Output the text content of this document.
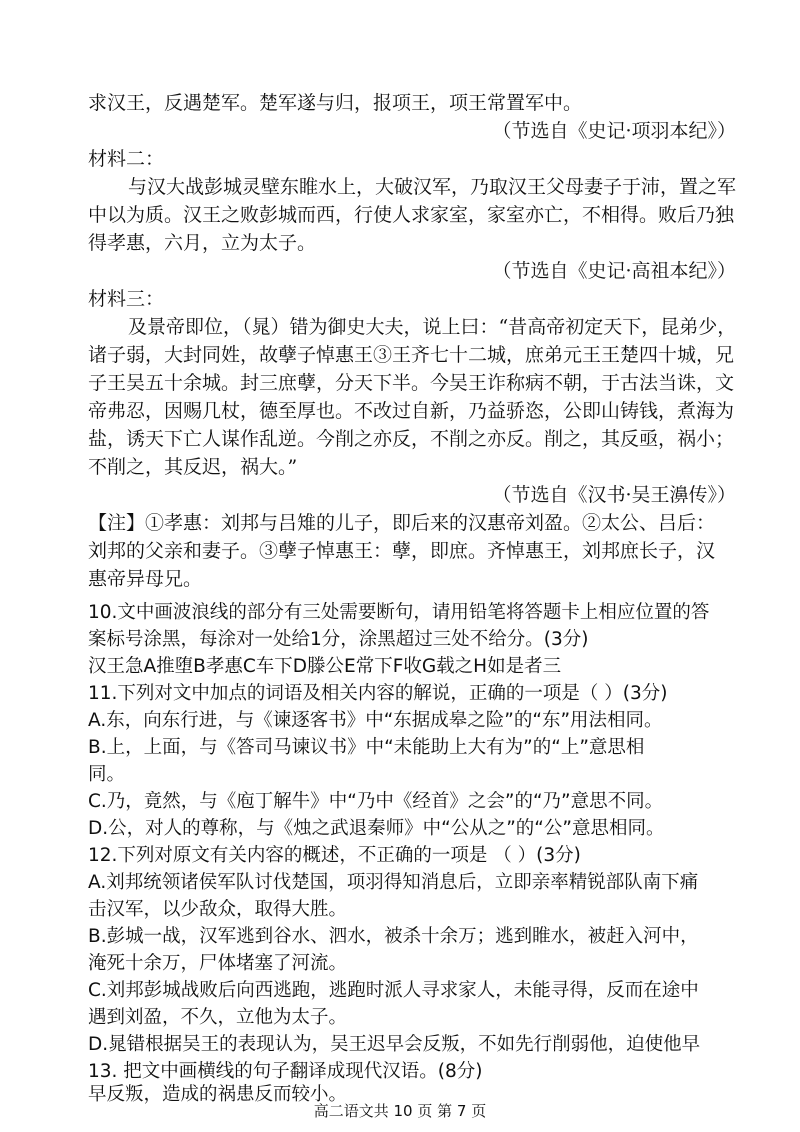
求汉王，反遇楚军。楚军遂与归，报项王，项王常置军中。
（节选自《史记·项羽本纪》）
材料二：
与汉大战彭城灵壁东睢水上，大破汉军，乃取汉王父母妻子于沛，置之军
中以为质。汉王之败彭城而西，行使人求家室，家室亦亡，不相得。败后乃独
得孝惠，六月，立为太子。
（节选自《史记·高祖本纪》）
材料三：
及景帝即位，（晁）错为御史大夫，说上曰：“昔高帝初定天下，昆弟少，
诸子弱，大封同姓，故孽子悼惠王③王齐七十二城，庶弟元王王楚四十城，兄
子王吴五十余城。封三庶孽，分天下半。今吴王诈称病不朝，于古法当诛，文
帝弗忍，因赐几杖，德至厚也。不改过自新，乃益骄恣，公即山铸钱，煮海为
盐，诱天下亡人谋作乱逆。今削之亦反，不削之亦反。削之，其反亟，祸小；
不削之，其反迟，祸大。”
（节选自《汉书·吴王濞传》）
【注】①孝惠：刘邦与吕雉的儿子，即后来的汉惠帝刘盈。②太公、吕后：
刘邦的父亲和妻子。③孽子悼惠王：孽，即庶。齐悼惠王，刘邦庶长子，汉
惠帝异母兄。
10.文中画波浪线的部分有三处需要断句，请用铅笔将答题卡上相应位置的答
案标号涂黑，每涂对一处给1分，涂黑超过三处不给分。(3分)
汉王急A推堕B孝惠C车下D滕公E常下F收G载之H如是者三
11.下列对文中加点的词语及相关内容的解说，正确的一项是（ ）(3分)
A.东，向东行进，与《谏逐客书》中“东据成皋之险”的“东”用法相同。
B.上，上面，与《答司马谏议书》中“未能助上大有为”的“上”意思相
同。
C.乃，竟然，与《庖丁解牛》中“乃中《经首》之会”的“乃”意思不同。
D.公，对人的尊称，与《烛之武退秦师》中“公从之”的“公”意思相同。
12.下列对原文有关内容的概述，不正确的一项是 （ ）(3分)
A.刘邦统领诸侯军队讨伐楚国，项羽得知消息后，立即亲率精锐部队南下痛
击汉军，以少敌众，取得大胜。
B.彭城一战，汉军逃到谷水、泗水，被杀十余万；逃到睢水，被赶入河中，
淹死十余万，尸体堵塞了河流。
C.刘邦彭城战败后向西逃跑，逃跑时派人寻求家人，未能寻得，反而在途中
遇到刘盈，不久，立他为太子。
D.晁错根据吴王的表现认为，吴王迟早会反叛，不如先行削弱他，迫使他早
早反叛，造成的祸患反而较小。
13. 把文中画横线的句子翻译成现代汉语。(8分)
高二语文共 10 页 第 7 页
